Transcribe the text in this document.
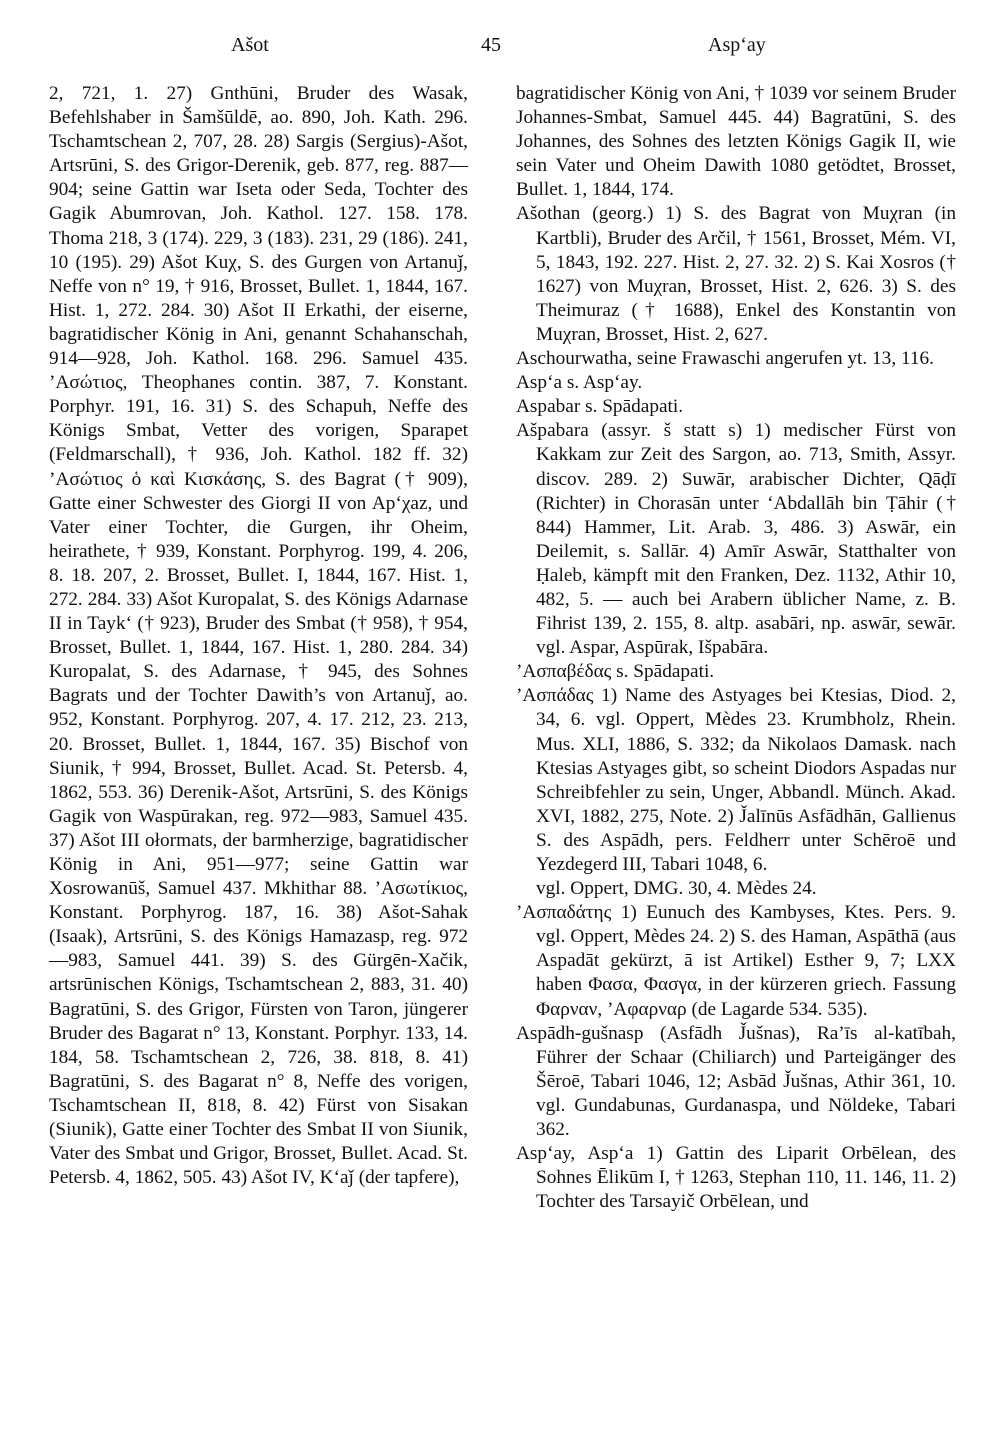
Ašot	45	Asp‘ay

2, 721, 1. 27) Gnthūni, Bruder des Wasak, Befehlshaber in Šamšūldē, ao. 890, Joh. Kath. 296. Tschamtschean 2, 707, 28. 28) Sargis (Sergius)-Ašot, Artsrūni, S. des Grigor-Derenik, geb. 877, reg. 887—904; seine Gattin war Iseta oder Seda, Tochter des Gagik Abumrovan, Joh. Kathol. 127. 158. 178. Thoma 218, 3 (174). 229, 3 (183). 231, 29 (186). 241, 10 (195). 29) Ašot Kuχ, S. des Gurgen von Artanuǰ, Neffe von n° 19, † 916, Brosset, Bullet. 1, 1844, 167. Hist. 1, 272. 284. 30) Ašot II Erkathi, der eiserne, bagratidischer König in Ani, genannt Schahanschah, 914—928, Joh. Kathol. 168. 296. Samuel 435. ’Ασώτιος, Theophanes contin. 387, 7. Konstant. Porphyr. 191, 16. 31) S. des Schapuh, Neffe des Königs Smbat, Vetter des vorigen, Sparapet (Feldmarschall), † 936, Joh. Kathol. 182 ff. 32) ’Ασώτιος ὁ καὶ Κισκάσης, S. des Bagrat († 909), Gatte einer Schwester des Giorgi II von Ap‘χaz, und Vater einer Tochter, die Gurgen, ihr Oheim, heirathete, † 939, Konstant. Porphyrog. 199, 4. 206, 8. 18. 207, 2. Brosset, Bullet. I, 1844, 167. Hist. 1, 272. 284. 33) Ašot Kuropalat, S. des Königs Adarnase II in Tayk‘ († 923), Bruder des Smbat († 958), † 954, Brosset, Bullet. 1, 1844, 167. Hist. 1, 280. 284. 34) Kuropalat, S. des Adarnase, † 945, des Sohnes Bagrats und der Tochter Dawith’s von Artanuǰ, ao. 952, Konstant. Porphyrog. 207, 4. 17. 212, 23. 213, 20. Brosset, Bullet. 1, 1844, 167. 35) Bischof von Siunik, † 994, Brosset, Bullet. Acad. St. Petersb. 4, 1862, 553. 36) Derenik-Ašot, Artsrūni, S. des Königs Gagik von Waspūrakan, reg. 972—983, Samuel 435. 37) Ašot III ołormats, der barmherzige, bagratidischer König in Ani, 951—977; seine Gattin war Xosrowanūš, Samuel 437. Mkhithar 88. ’Ασωτίκιος, Konstant. Porphyrog. 187, 16. 38) Ašot-Sahak (Isaak), Artsrūni, S. des Königs Hamazasp, reg. 972—983, Samuel 441. 39) S. des Gürgēn-Xačik, artsrūnischen Königs, Tschamtschean 2, 883, 31. 40) Bagratūni, S. des Grigor, Fürsten von Taron, jüngerer Bruder des Bagarat n° 13, Konstant. Porphyr. 133, 14. 184, 58. Tschamtschean 2, 726, 38. 818, 8. 41) Bagratūni, S. des Bagarat n° 8, Neffe des vorigen, Tschamtschean II, 818, 8. 42) Fürst von Sisakan (Siunik), Gatte einer Tochter des Smbat II von Siunik, Vater des Smbat und Grigor, Brosset, Bullet. Acad. St. Petersb. 4, 1862, 505. 43) Ašot IV, K‘aǰ (der tapfere),

bagratidischer König von Ani, † 1039 vor seinem Bruder Johannes-Smbat, Samuel 445. 44) Bagratūni, S. des Johannes, des Sohnes des letzten Königs Gagik II, wie sein Vater und Oheim Dawith 1080 getödtet, Brosset, Bullet. 1, 1844, 174.

Ašothan (georg.) 1) S. des Bagrat von Muχran (in Kartbli), Bruder des Arčil, † 1561, Brosset, Mém. VI, 5, 1843, 192. 227. Hist. 2, 27. 32. 2) S. Kai Xosros († 1627) von Muχran, Brosset, Hist. 2, 626. 3) S. des Theimuraz († 1688), Enkel des Konstantin von Muχran, Brosset, Hist. 2, 627.

Aschourwatha, seine Frawaschi angerufen yt. 13, 116.

Asp‘a s. Asp‘ay.

Aspabar s. Spādapati.

Ašpabara (assyr. š statt s) 1) medischer Fürst von Kakkam zur Zeit des Sargon, ao. 713, Smith, Assyr. discov. 289. 2) Suwār, arabischer Dichter, Qāḍī (Richter) in Chorasān unter ‘Abdallāh bin Ṭāhir († 844) Hammer, Lit. Arab. 3, 486. 3) Aswār, ein Deilemit, s. Sallār. 4) Amīr Aswār, Statthalter von Ḥaleb, kämpft mit den Franken, Dez. 1132, Athir 10, 482, 5. — auch bei Arabern üblicher Name, z. B. Fihrist 139, 2. 155, 8. altp. asabāri, np. aswār, sewār. vgl. Aspar, Aspūrak, Išpabāra.

’Ασπαβέδας s. Spādapati.

’Ασπάδας 1) Name des Astyages bei Ktesias, Diod. 2, 34, 6. vgl. Oppert, Mèdes 23. Krumbholz, Rhein. Mus. XLI, 1886, S. 332; da Nikolaos Damask. nach Ktesias Astyages gibt, so scheint Diodors Aspadas nur Schreibfehler zu sein, Unger, Abbandl. Münch. Akad. XVI, 1882, 275, Note. 2) J̌alīnūs Asfādhān, Gallienus S. des Aspādh, pers. Feldherr unter Schēroē und Yezdegerd III, Tabari 1048, 6.

vgl. Oppert, DMG. 30, 4. Mèdes 24.

’Ασπαδάτης 1) Eunuch des Kambyses, Ktes. Pers. 9. vgl. Oppert, Mèdes 24. 2) S. des Haman, Aspāthā (aus Aspadāt gekürzt, ā ist Artikel) Esther 9, 7; LXX haben Φασα, Φασγα, in der kürzeren griech. Fassung Φαρναν, ’Αφαρναρ (de Lagarde 534. 535).

Aspādh-gušnasp (Asfādh J̌ušnas), Ra’īs al-katībah, Führer der Schaar (Chiliarch) und Parteigänger des Šēroē, Tabari 1046, 12; Asbād J̌ušnas, Athir 361, 10. vgl. Gundabunas, Gurdanaspa, und Nöldeke, Tabari 362.

Asp‘ay, Asp‘a 1) Gattin des Liparit Orbēlean, des Sohnes Ēlikūm I, † 1263, Stephan 110, 11. 146, 11. 2) Tochter des Tarsayič Orbēlean, und
